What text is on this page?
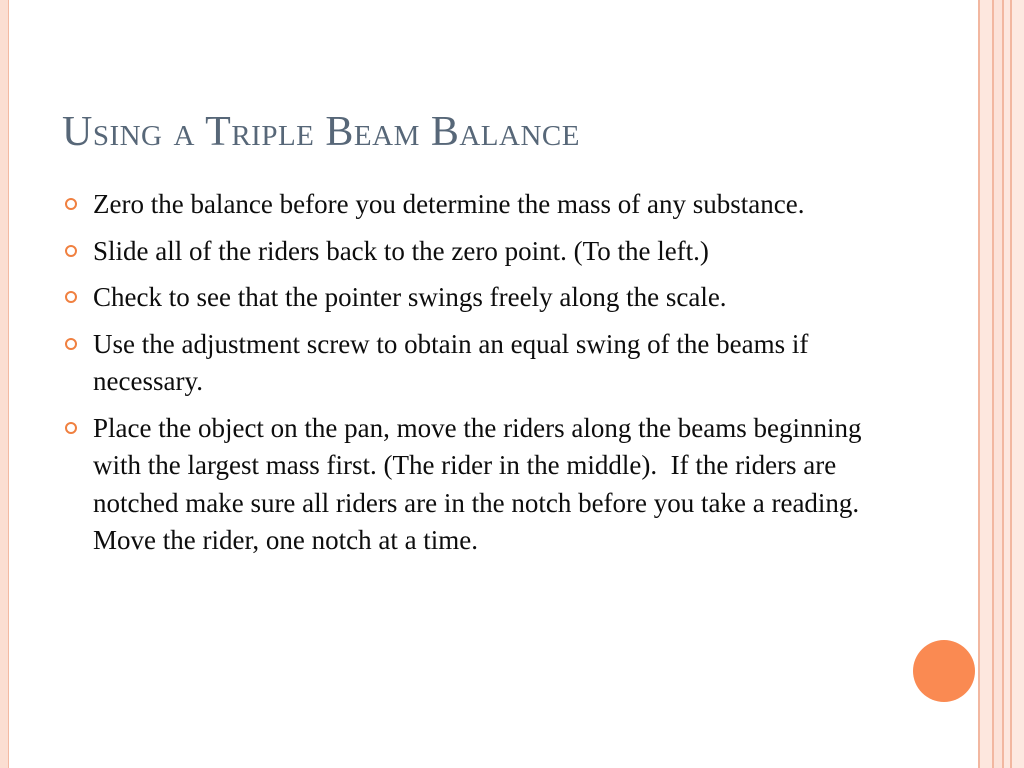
Using a Triple Beam Balance
Zero the balance before you determine the mass of any substance.
Slide all of the riders back to the zero point. (To the left.)
Check to see that the pointer swings freely along the scale.
Use the adjustment screw to obtain an equal swing of the beams if necessary.
Place the object on the pan, move the riders along the beams beginning with the largest mass first. (The rider in the middle).  If the riders are notched make sure all riders are in the notch before you take a reading.  Move the rider, one notch at a time.
